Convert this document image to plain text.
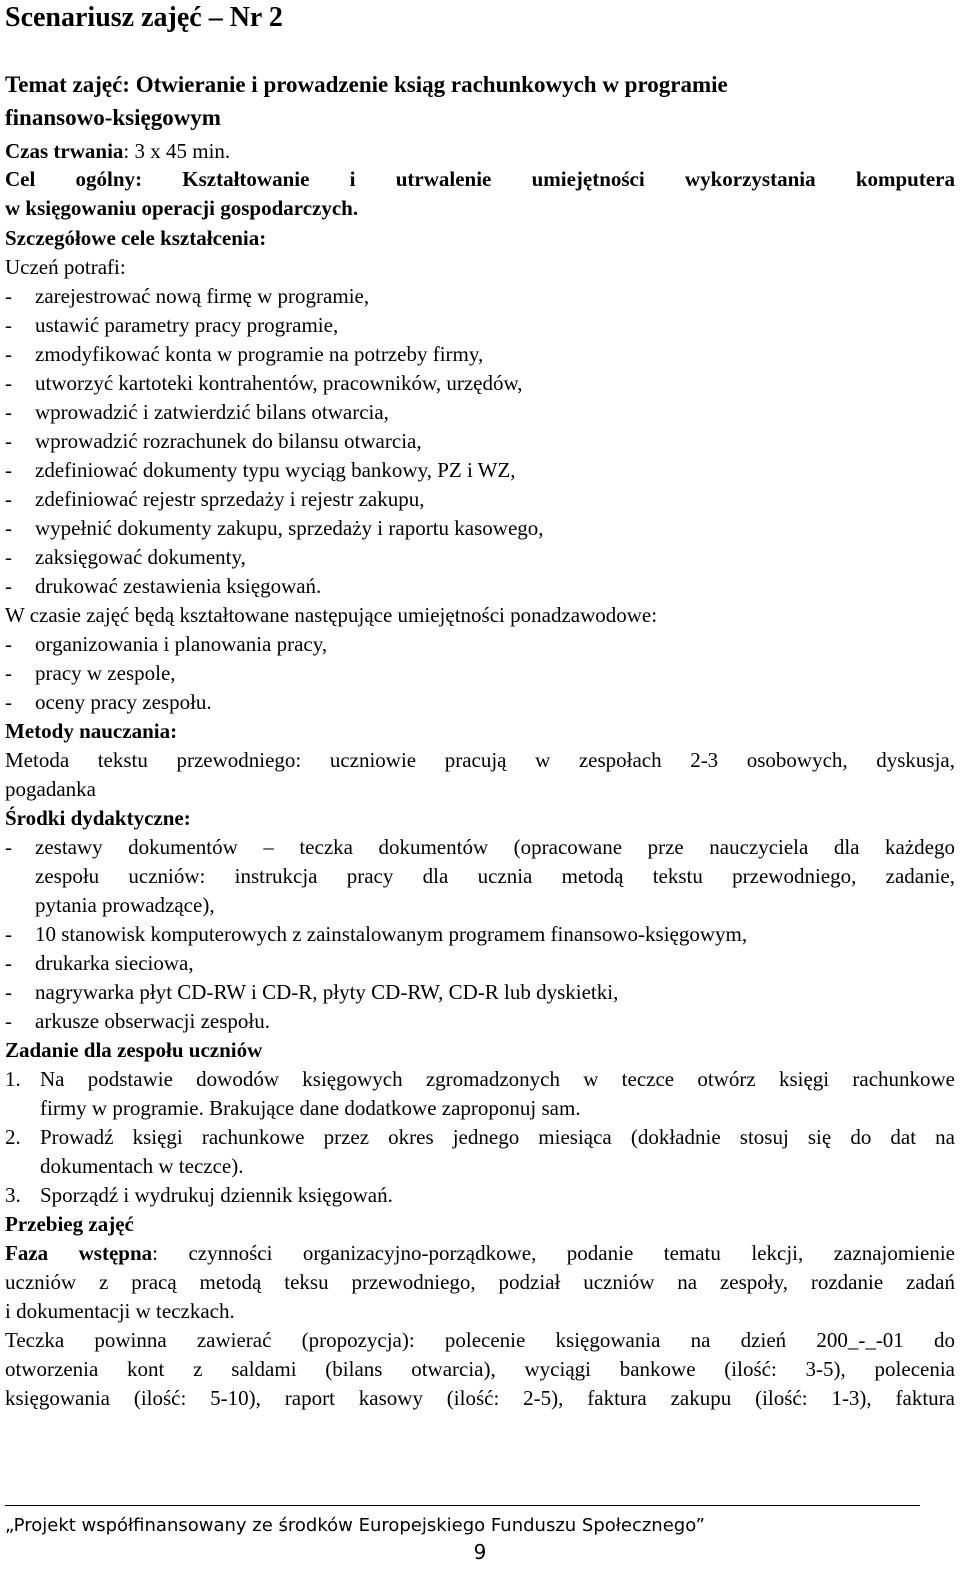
Scenariusz zajęć – Nr 2
Temat zajęć: Otwieranie i prowadzenie ksiąg rachunkowych w programie
finansowo-księgowym
Czas trwania: 3 x 45 min.
Cel ogólny: Kształtowanie i utrwalenie umiejętności wykorzystania komputera
w księgowaniu operacji gospodarczych.
Szczegółowe cele kształcenia:
Uczeń potrafi:
-	zarejestrować nową firmę w programie,
-	ustawić parametry pracy programie,
-	zmodyfikować konta w programie na potrzeby firmy,
-	utworzyć kartoteki kontrahentów, pracowników, urzędów,
-	wprowadzić i zatwierdzić bilans otwarcia,
-	wprowadzić rozrachunek do bilansu otwarcia,
-	zdefiniować dokumenty typu wyciąg bankowy, PZ i WZ,
-	zdefiniować rejestr sprzedaży i rejestr zakupu,
-	wypełnić dokumenty zakupu, sprzedaży i raportu kasowego,
-	zaksięgować dokumenty,
-	drukować zestawienia księgowań.
W czasie zajęć będą kształtowane następujące umiejętności ponadzawodowe:
-	organizowania i planowania pracy,
-	pracy w zespole,
-	oceny pracy zespołu.
Metody nauczania:
Metoda tekstu przewodniego: uczniowie pracują w zespołach 2-3 osobowych, dyskusja,
pogadanka
Środki dydaktyczne:
-	zestawy dokumentów – teczka dokumentów (opracowane prze nauczyciela dla każdego
zespołu uczniów: instrukcja pracy dla ucznia metodą tekstu przewodniego, zadanie,
pytania prowadzące),
-	10 stanowisk komputerowych z zainstalowanym programem finansowo-księgowym,
-	drukarka sieciowa,
-	nagrywarka płyt CD-RW i CD-R, płyty CD-RW, CD-R lub dyskietki,
-	arkusze obserwacji zespołu.
Zadanie dla zespołu uczniów
1. Na podstawie dowodów księgowych zgromadzonych w teczce otwórz księgi rachunkowe
firmy w programie. Brakujące dane dodatkowe zaproponuj sam.
2. Prowadź księgi rachunkowe przez okres jednego miesiąca (dokładnie stosuj się do dat na
dokumentach w teczce).
3. Sporządź i wydrukuj dziennik księgowań.
Przebieg zajęć
Faza wstępna: czynności organizacyjno-porządkowe, podanie tematu lekcji, zaznajomienie
uczniów z pracą metodą teksu przewodniego, podział uczniów na zespoły, rozdanie zadań
i dokumentacji w teczkach.
Teczka powinna zawierać (propozycja): polecenie księgowania na dzień 200_-_-01 do
otworzenia kont z saldami (bilans otwarcia), wyciągi bankowe (ilość: 3-5), polecenia
księgowania (ilość: 5-10), raport kasowy (ilość: 2-5), faktura zakupu (ilość: 1-3), faktura
„Projekt współfinansowany ze środków Europejskiego Funduszu Społecznego”
9
